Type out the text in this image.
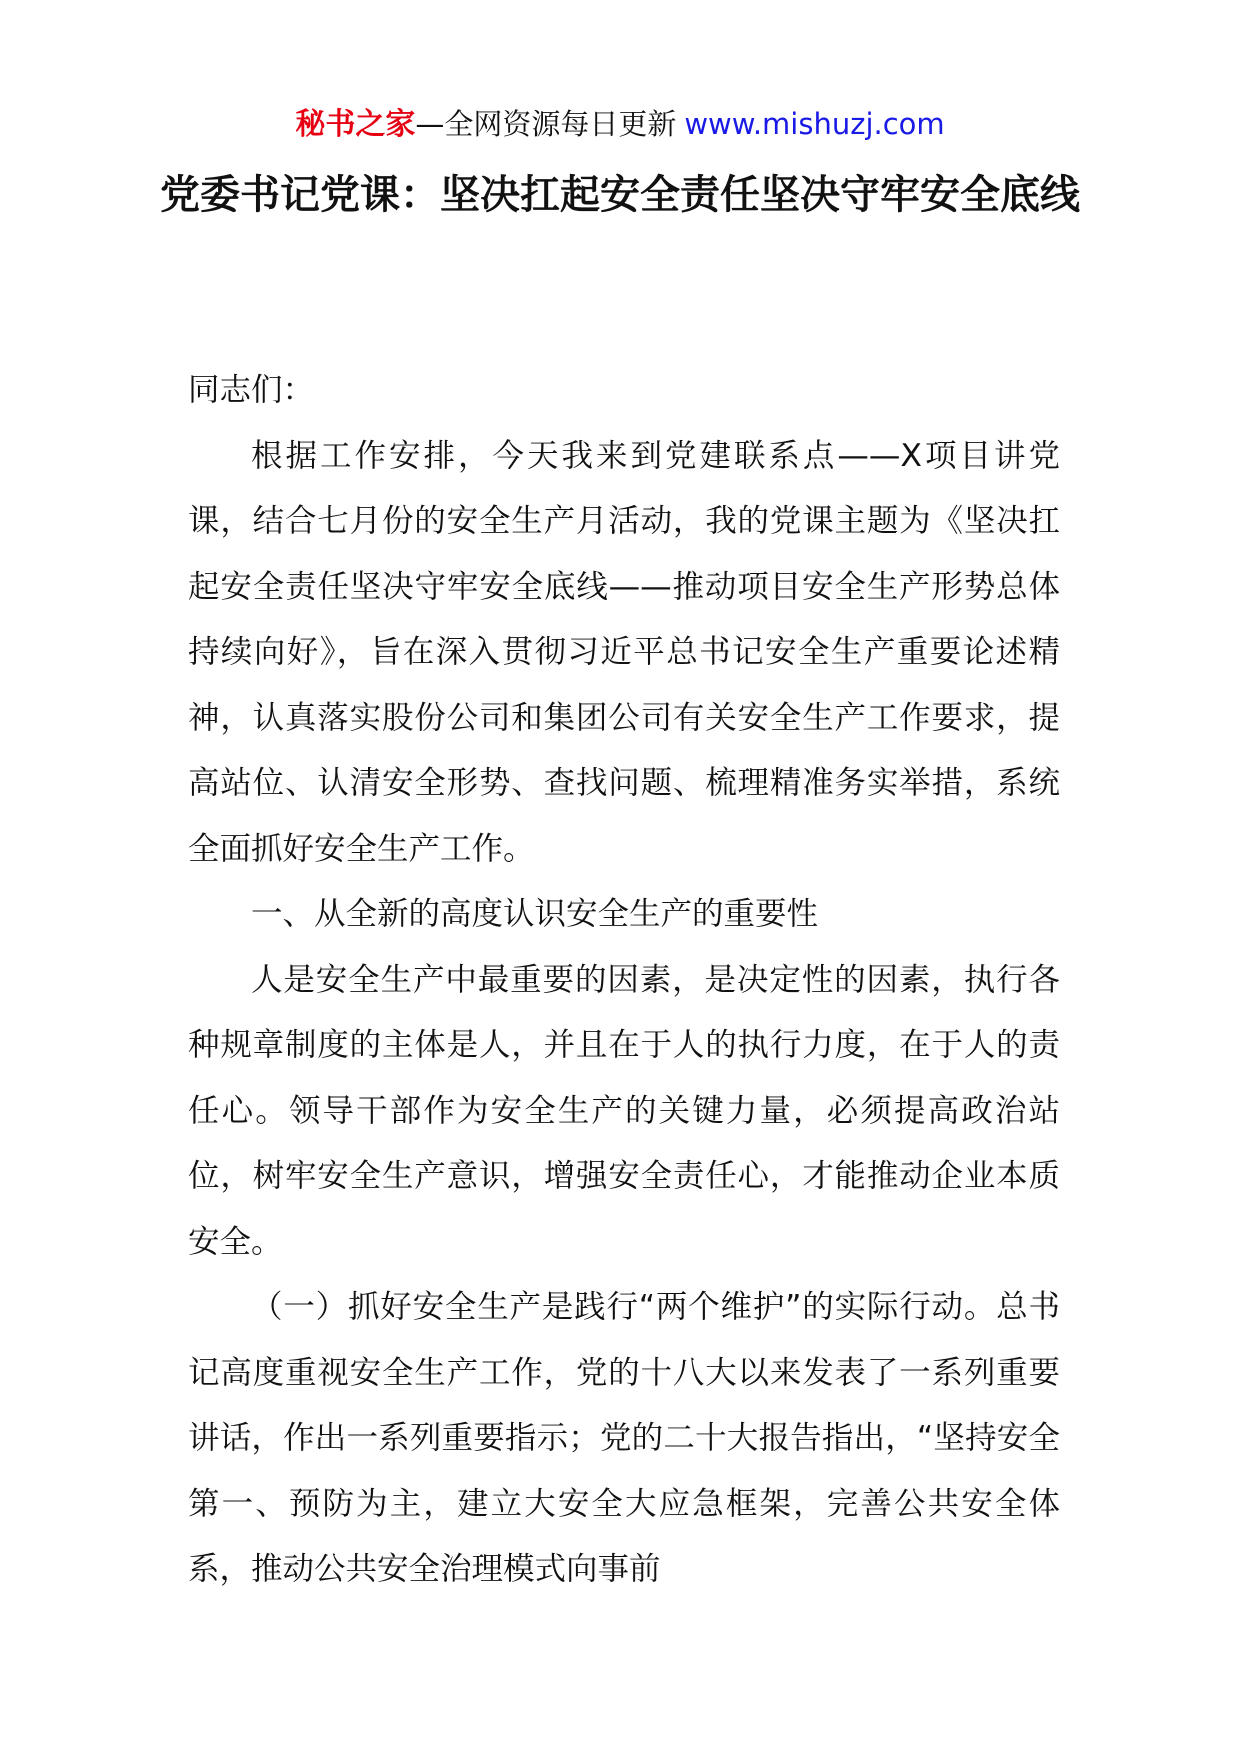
秘书之家—全网资源每日更新 www.mishuzj.com
党委书记党课：坚决扛起安全责任坚决守牢安全底线

同志们：

根据工作安排，今天我来到党建联系点——X项目讲党课，结合七月份的安全生产月活动，我的党课主题为《坚决扛起安全责任坚决守牢安全底线——推动项目安全生产形势总体持续向好》，旨在深入贯彻习近平总书记安全生产重要论述精神，认真落实股份公司和集团公司有关安全生产工作要求，提高站位、认清安全形势、查找问题、梳理精准务实举措，系统全面抓好安全生产工作。

一、从全新的高度认识安全生产的重要性

人是安全生产中最重要的因素，是决定性的因素，执行各种规章制度的主体是人，并且在于人的执行力度，在于人的责任心。领导干部作为安全生产的关键力量，必须提高政治站位，树牢安全生产意识，增强安全责任心，才能推动企业本质安全。

（一）抓好安全生产是践行“两个维护”的实际行动。总书记高度重视安全生产工作，党的十八大以来发表了一系列重要讲话，作出一系列重要指示；党的二十大报告指出，“坚持安全第一、预防为主，建立大安全大应急框架，完善公共安全体系，推动公共安全治理模式向事前
